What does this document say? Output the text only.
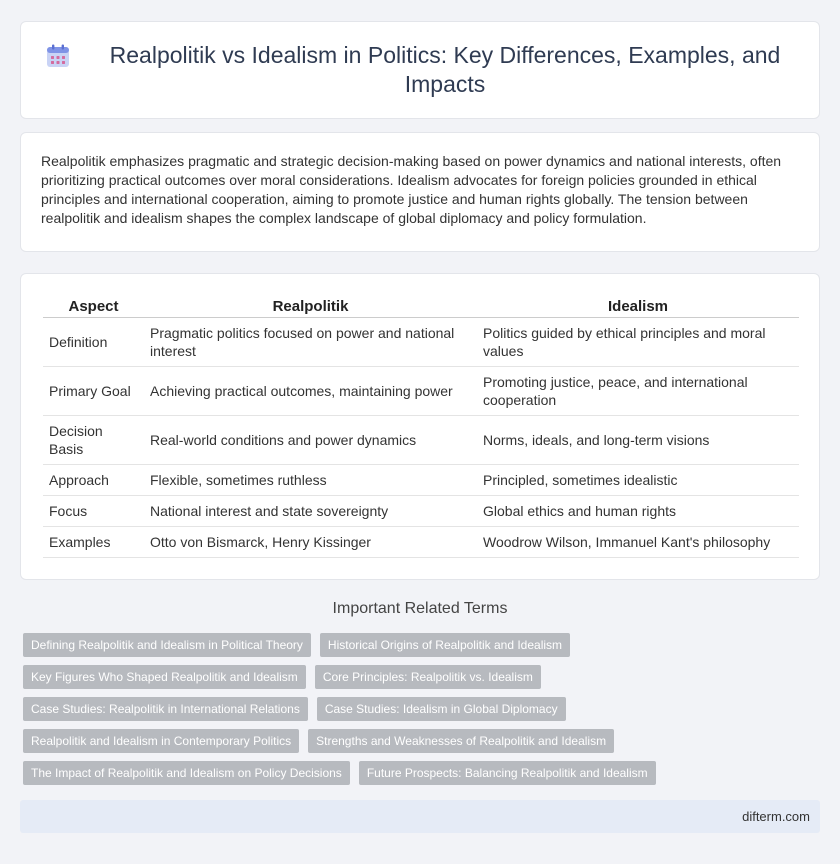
Realpolitik vs Idealism in Politics: Key Differences, Examples, and Impacts

Realpolitik emphasizes pragmatic and strategic decision-making based on power dynamics and national interests, often prioritizing practical outcomes over moral considerations. Idealism advocates for foreign policies grounded in ethical principles and international cooperation, aiming to promote justice and human rights globally. The tension between realpolitik and idealism shapes the complex landscape of global diplomacy and policy formulation.

Aspect	Realpolitik	Idealism
Definition	Pragmatic politics focused on power and national interest	Politics guided by ethical principles and moral values
Primary Goal	Achieving practical outcomes, maintaining power	Promoting justice, peace, and international cooperation
Decision Basis	Real-world conditions and power dynamics	Norms, ideals, and long-term visions
Approach	Flexible, sometimes ruthless	Principled, sometimes idealistic
Focus	National interest and state sovereignty	Global ethics and human rights
Examples	Otto von Bismarck, Henry Kissinger	Woodrow Wilson, Immanuel Kant's philosophy
Important Related Terms
Defining Realpolitik and Idealism in Political Theory	Historical Origins of Realpolitik and Idealism
Key Figures Who Shaped Realpolitik and Idealism	Core Principles: Realpolitik vs. Idealism
Case Studies: Realpolitik in International Relations	Case Studies: Idealism in Global Diplomacy
Realpolitik and Idealism in Contemporary Politics	Strengths and Weaknesses of Realpolitik and Idealism
The Impact of Realpolitik and Idealism on Policy Decisions	Future Prospects: Balancing Realpolitik and Idealism
difterm.com
